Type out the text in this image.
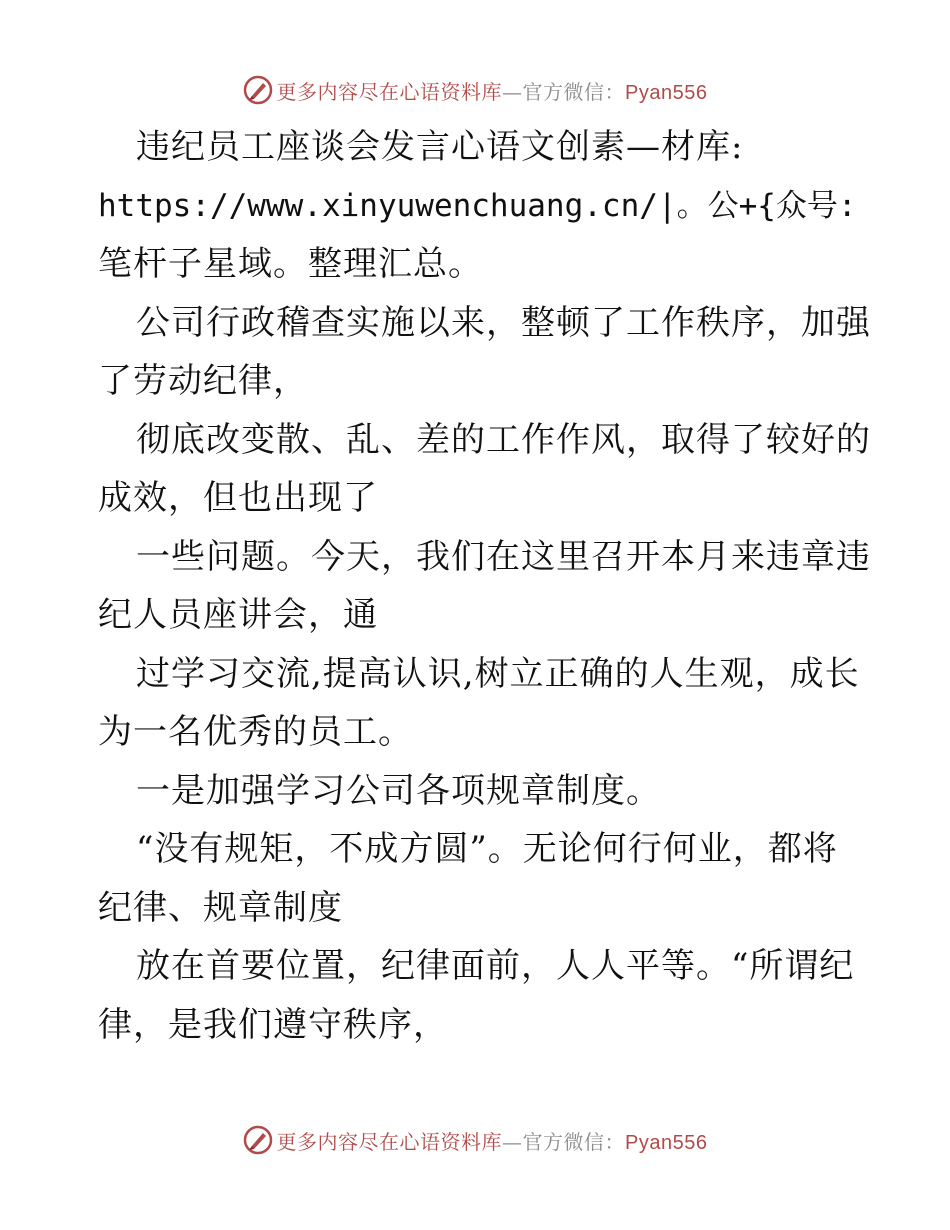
更多内容尽在心语资料库—官方微信：Pyan556
违纪员工座谈会发言心语文创素—材库:
https://www.xinyuwenchuang.cn/|。公+{众号:
笔杆子星域。整理汇总。
公司行政稽查实施以来，整顿了工作秩序，加强
了劳动纪律，
彻底改变散、乱、差的工作作风，取得了较好的
成效，但也出现了
一些问题。今天，我们在这里召开本月来违章违
纪人员座讲会，通
过学习交流,提高认识,树立正确的人生观，成长
为一名优秀的员工。
一是加强学习公司各项规章制度。
“没有规矩，不成方圆”。无论何行何业，都将
纪律、规章制度
放在首要位置，纪律面前，人人平等。“所谓纪
律，是我们遵守秩序，
更多内容尽在心语资料库—官方微信：Pyan556
